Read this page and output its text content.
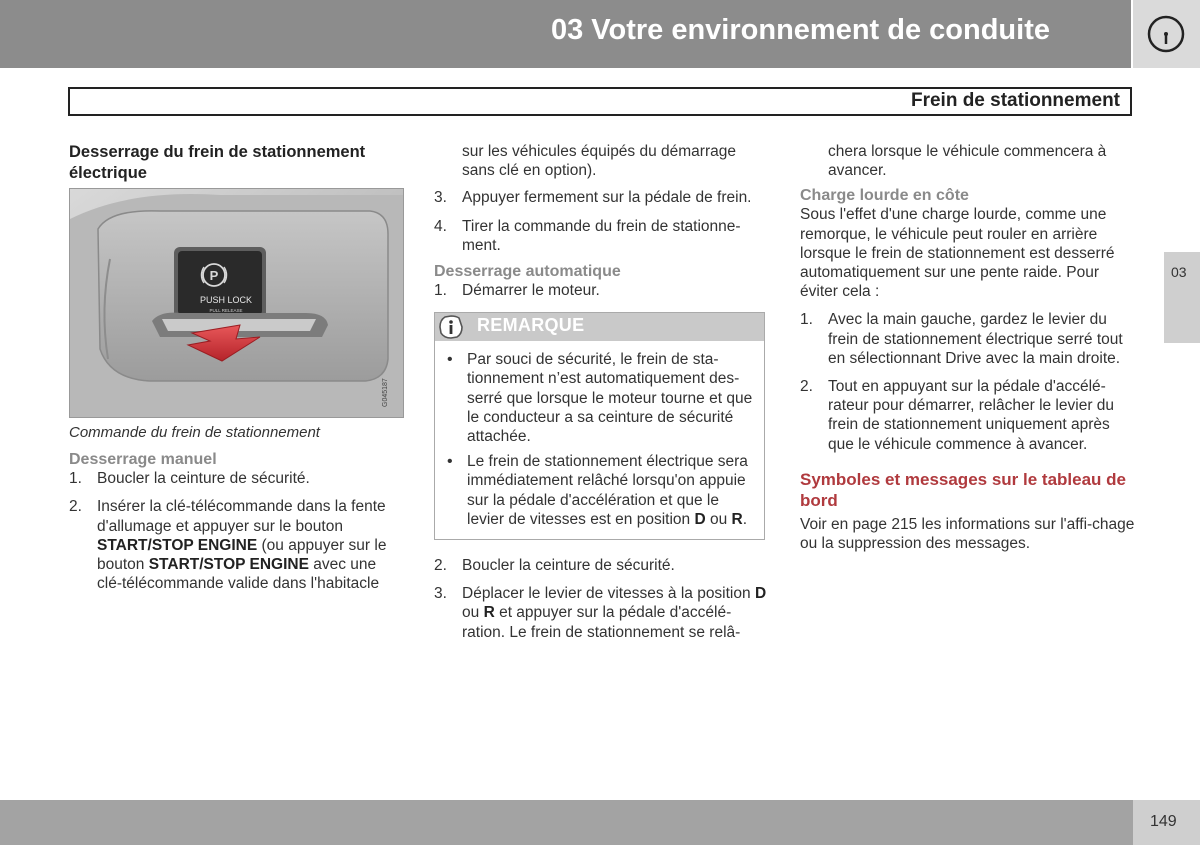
03 Votre environnement de conduite
Frein de stationnement

Desserrage du frein de stationnement électrique

P
PUSH LOCK
PULL RELEASE
G045187
Commande du frein de stationnement

Desserrage manuel

1. Boucler la ceinture de sécurité.
2. Insérer la clé-télécommande dans la fente d'allumage et appuyer sur le bouton START/STOP ENGINE (ou appuyer sur le bouton START/STOP ENGINE avec une clé-télécommande valide dans l'habitacle

sur les véhicules équipés du démarrage sans clé en option).

3. Appuyer fermement sur la pédale de frein.
4. Tirer la commande du frein de stationne-ment.

Desserrage automatique

1. Démarrer le moteur.
REMARQUE
• Par souci de sécurité, le frein de sta-tionnement n’est automatiquement des-serré que lorsque le moteur tourne et que le conducteur a sa ceinture de sécurité attachée.
• Le frein de stationnement électrique sera immédiatement relâché lorsqu'on appuie sur la pédale d'accélération et que le levier de vitesses est en position D ou R.
2. Boucler la ceinture de sécurité.
3. Déplacer le levier de vitesses à la position D ou R et appuyer sur la pédale d'accélé-ration. Le frein de stationnement se relâ-

chera lorsque le véhicule commencera à avancer.

Charge lourde en côte

Sous l'effet d'une charge lourde, comme une remorque, le véhicule peut rouler en arrière lorsque le frein de stationnement est desserré automatiquement sur une pente raide. Pour éviter cela :

1. Avec la main gauche, gardez le levier du frein de stationnement électrique serré tout en sélectionnant Drive avec la main droite.
2. Tout en appuyant sur la pédale d'accélé-rateur pour démarrer, relâcher le levier du frein de stationnement uniquement après que le véhicule commence à avancer.

Symboles et messages sur le tableau de bord

Voir en page 215 les informations sur l'affi-chage ou la suppression des messages.

03
149
